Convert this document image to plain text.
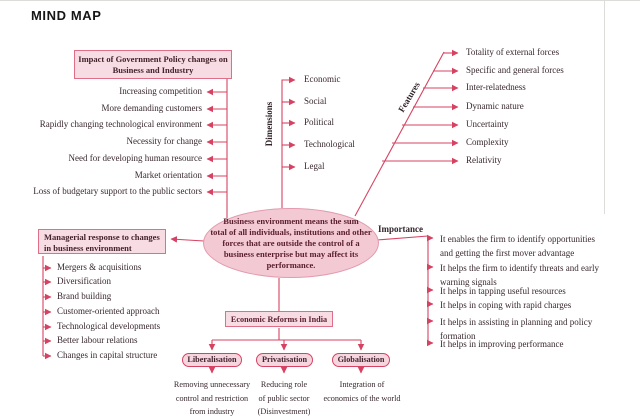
MIND MAP
Impact of Government Policy changes on
Business and Industry
Increasing competition
More demanding customers
Rapidly changing technological environment
Necessity for change
Need for developing human resource
Market orientation
Loss of budgetary support to the public sectors
Dimensions
Economic
Social
Political
Technological
Legal
Features
Totality of external forces
Specific and general forces
Inter-relatedness
Dynamic nature
Uncertainty
Complexity
Relativity
Business environment means the sum
total of all individuals, institutions and other
forces that are outside the control of a
business enterprise but may affect its
performance.
Importance
It enables the firm to identify opportunities
and getting the first mover advantage
It helps the firm to identify threats and early
warning signals
It helps in tapping useful resources
It helps in coping with rapid charges
It helps in assisting in planning and policy
formation
It helps in improving performance
Managerial response to changes
in business environment
Mergers & acquisitions
Diversification
Brand building
Customer-oriented approach
Technological developments
Better labour relations
Changes in capital structure
Economic Reforms in India
Liberalisation	Privatisation	Globalisation
Removing unnecessary
control and restriction
from industry
Reducing role
of public sector
(Disinvestment)
Integration of
economics of the world
